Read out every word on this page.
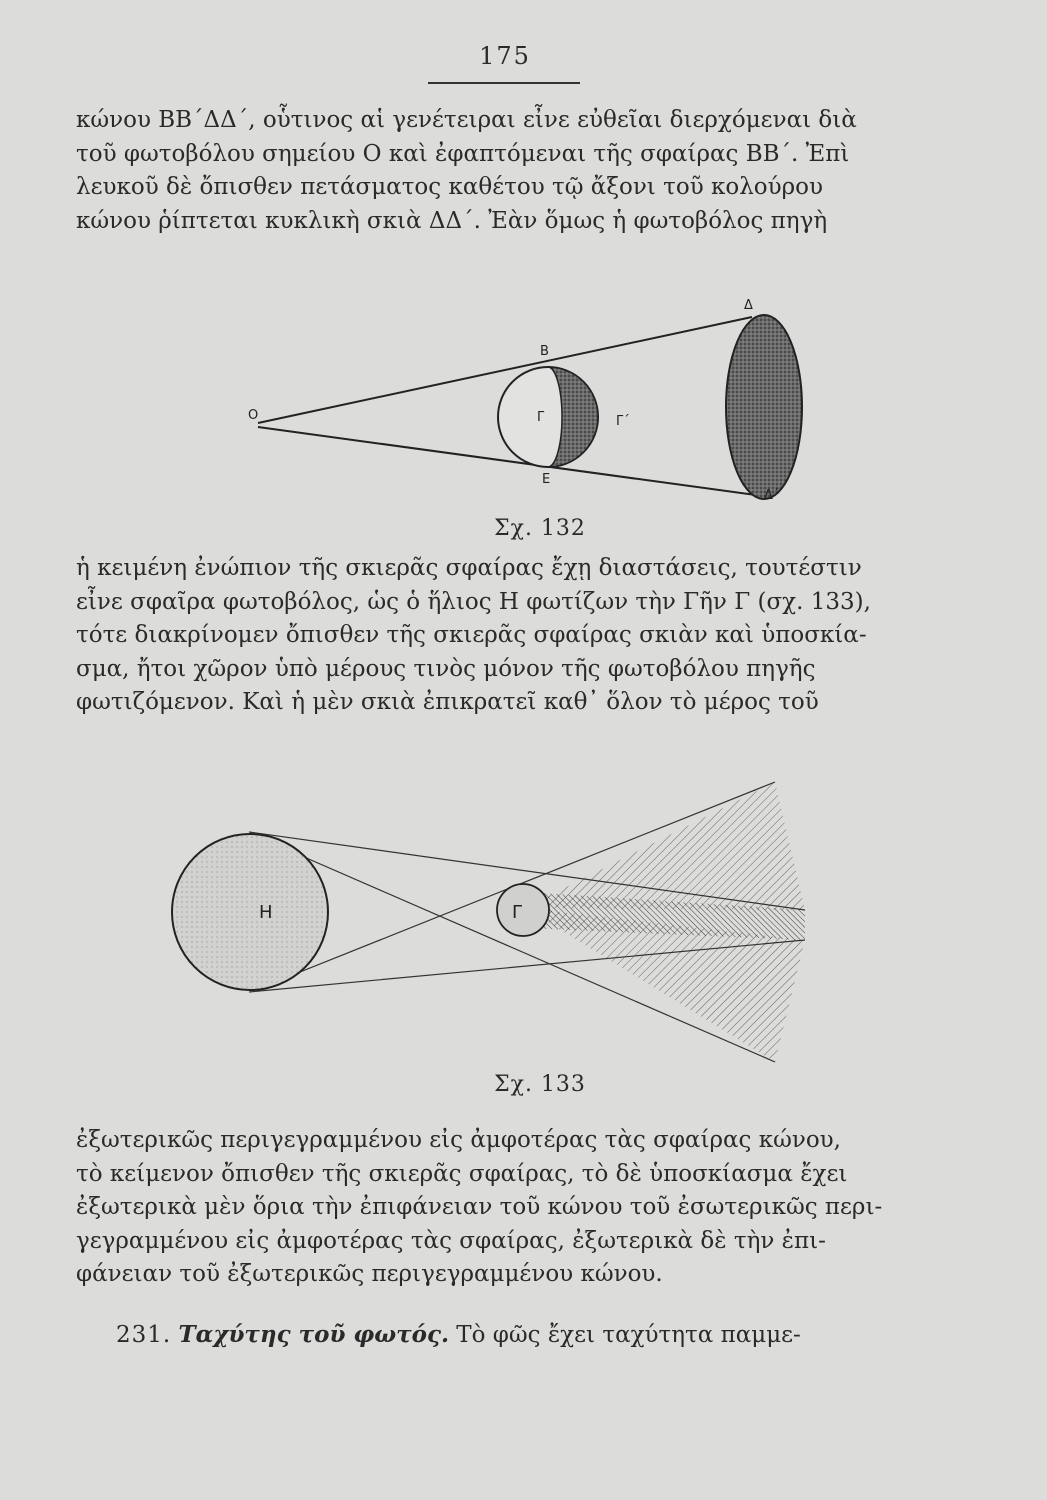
175
κώνου ΒΒ΄ΔΔ΄, οὗτινος αἱ γενέτειραι εἶνε εὐθεῖαι διερχόμεναι διὰ
τοῦ φωτοβόλου σημείου Ο καὶ ἐφαπτόμεναι τῆς σφαίρας ΒΒ΄. Ἐπὶ
λευκοῦ δὲ ὄπισθεν πετάσματος καθέτου τῷ ἄξονι τοῦ κολούρου
κώνου ῥίπτεται κυκλικὴ σκιὰ ΔΔ΄. Ἐὰν ὅμως ἡ φωτοβόλος πηγὴ
O
B
Γ	Γ΄
E
Δ
Δ΄
Σχ. 132
ἡ κειμένη ἐνώπιον τῆς σκιερᾶς σφαίρας ἔχῃ διαστάσεις, τουτέστιν
εἶνε σφαῖρα φωτοβόλος, ὡς ὁ ἥλιος Η φωτίζων τὴν Γῆν Γ (σχ. 133),
τότε διακρίνομεν ὄπισθεν τῆς σκιερᾶς σφαίρας σκιὰν καὶ ὑποσκία-
σμα, ἤτοι χῶρον ὑπὸ μέρους τινὸς μόνον τῆς φωτοβόλου πηγῆς
φωτιζόμενον. Καὶ ἡ μὲν σκιὰ ἐπικρατεῖ καθ᾽ ὅλον τὸ μέρος τοῦ
H	Γ
Σχ. 133
ἐξωτερικῶς περιγεγραμμένου εἰς ἀμφοτέρας τὰς σφαίρας κώνου,
τὸ κείμενον ὄπισθεν τῆς σκιερᾶς σφαίρας, τὸ δὲ ὑποσκίασμα ἔχει
ἐξωτερικὰ μὲν ὅρια τὴν ἐπιφάνειαν τοῦ κώνου τοῦ ἐσωτερικῶς περι-
γεγραμμένου εἰς ἀμφοτέρας τὰς σφαίρας, ἐξωτερικὰ δὲ τὴν ἐπι-
φάνειαν τοῦ ἐξωτερικῶς περιγεγραμμένου κώνου.
231. Ταχύτης τοῦ φωτός. Τὸ φῶς ἔχει ταχύτητα παμμε-
